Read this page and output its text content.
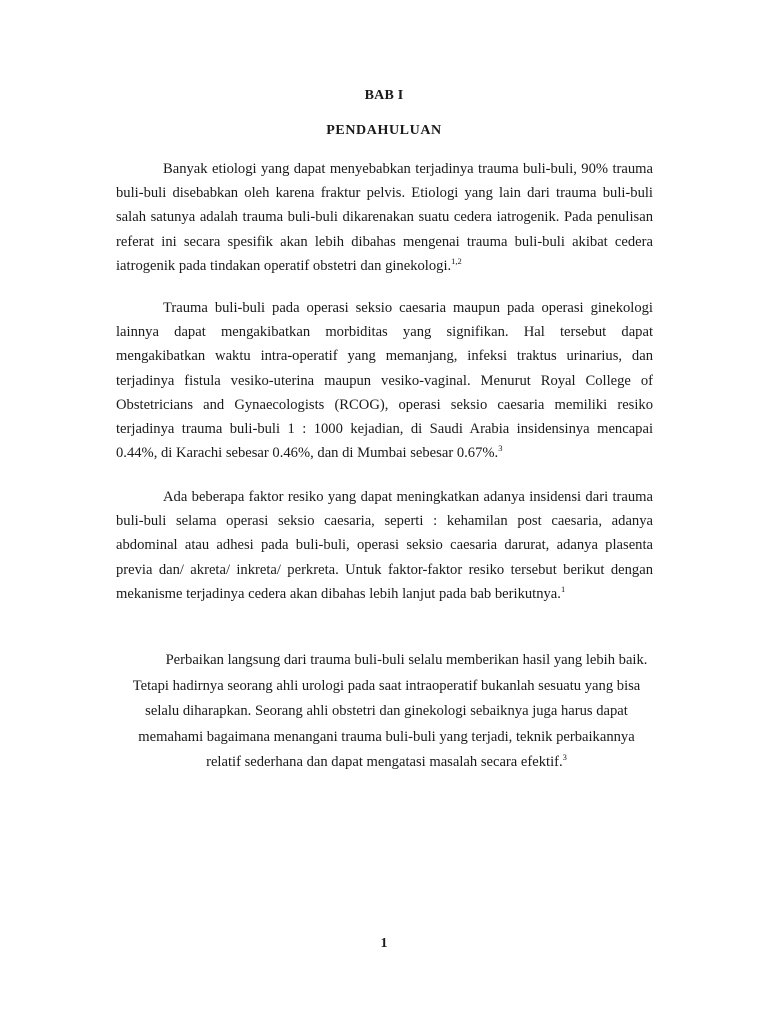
BAB I
PENDAHULUAN

Banyak etiologi yang dapat menyebabkan terjadinya trauma buli-buli, 90% trauma buli-buli disebabkan oleh karena fraktur pelvis. Etiologi yang lain dari trauma buli-buli salah satunya adalah trauma buli-buli dikarenakan suatu cedera iatrogenik. Pada penulisan referat ini secara spesifik akan lebih dibahas mengenai trauma buli-buli akibat cedera iatrogenik pada tindakan operatif obstetri dan ginekologi.$^{1,2}$

Trauma buli-buli pada operasi seksio caesaria maupun pada operasi ginekologi lainnya dapat mengakibatkan morbiditas yang signifikan. Hal tersebut dapat mengakibatkan waktu intra-operatif yang memanjang, infeksi traktus urinarius, dan terjadinya fistula vesiko-uterina maupun vesiko-vaginal. Menurut Royal College of Obstetricians and Gynaecologists (RCOG), operasi seksio caesaria memiliki resiko terjadinya trauma buli-buli 1 : 1000 kejadian, di Saudi Arabia insidensinya mencapai 0.44%, di Karachi sebesar 0.46%, dan di Mumbai sebesar 0.67%.$^3$

Ada beberapa faktor resiko yang dapat meningkatkan adanya insidensi dari trauma buli-buli selama operasi seksio caesaria, seperti : kehamilan post caesaria, adanya abdominal atau adhesi pada buli-buli, operasi seksio caesaria darurat, adanya plasenta previa dan/ akreta/ inkreta/ perkreta. Untuk faktor-faktor resiko tersebut berikut dengan mekanisme terjadinya cedera akan dibahas lebih lanjut pada bab berikutnya.$^1$

Perbaikan langsung dari trauma buli-buli selalu memberikan hasil yang lebih baik. Tetapi hadirnya seorang ahli urologi pada saat intraoperatif bukanlah sesuatu yang bisa selalu diharapkan. Seorang ahli obstetri dan ginekologi sebaiknya juga harus dapat memahami bagaimana menangani trauma buli-buli yang terjadi, teknik perbaikannya relatif sederhana dan dapat mengatasi masalah secara efektif.$^3$

1
